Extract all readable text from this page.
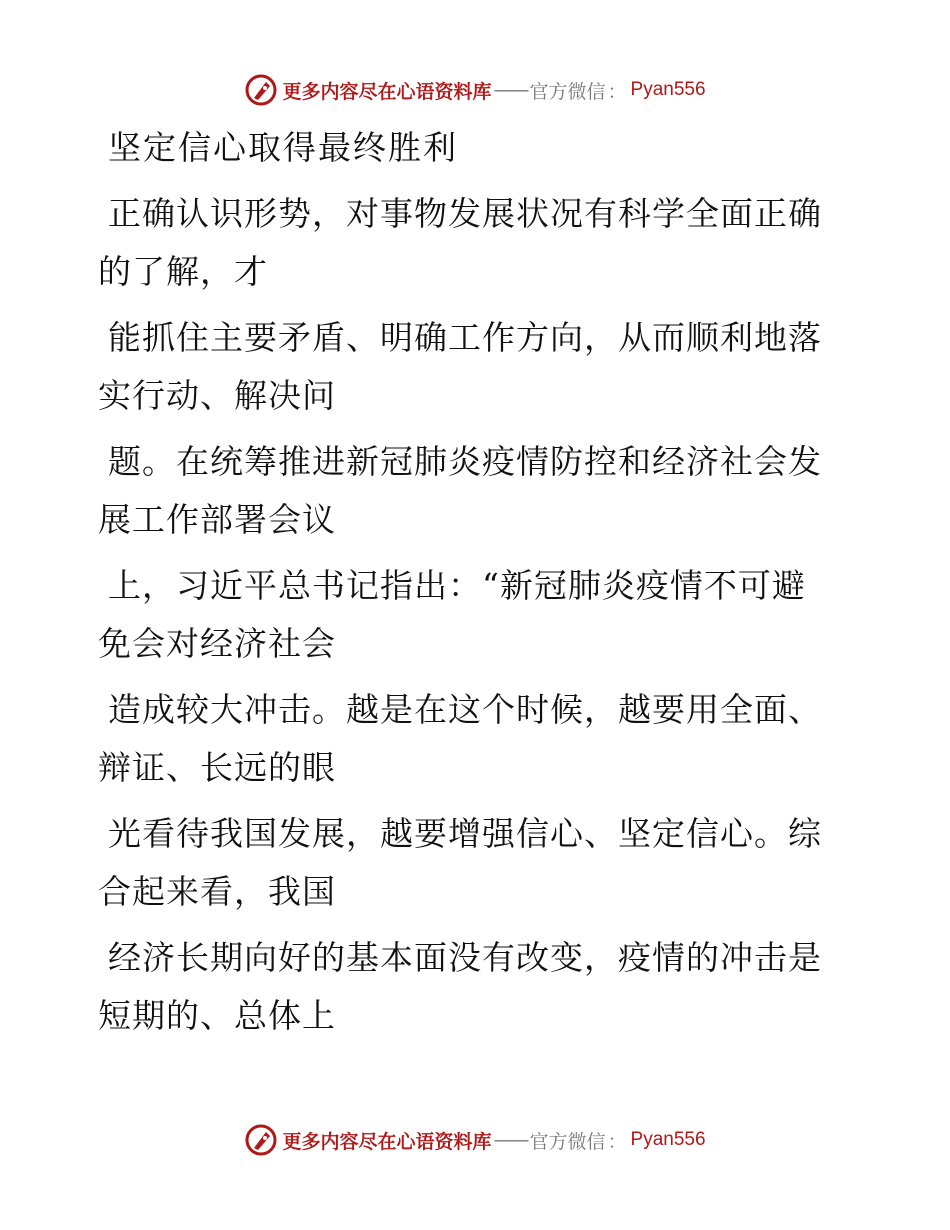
更多内容尽在心语资料库 —— 官方微信 ： Pyan556
坚定信心取得最终胜利

正确认识形势，对事物发展状况有科学全面正确
的了解，才

能抓住主要矛盾、明确工作方向，从而顺利地落
实行动、解决问

题。在统筹推进新冠肺炎疫情防控和经济社会发
展工作部署会议

上，习近平总书记指出：“新冠肺炎疫情不可避
免会对经济社会

造成较大冲击。越是在这个时候，越要用全面、
辩证、长远的眼

光看待我国发展，越要增强信心、坚定信心。综
合起来看，我国

经济长期向好的基本面没有改变，疫情的冲击是
短期的、总体上

更多内容尽在心语资料库 —— 官方微信 ： Pyan556
